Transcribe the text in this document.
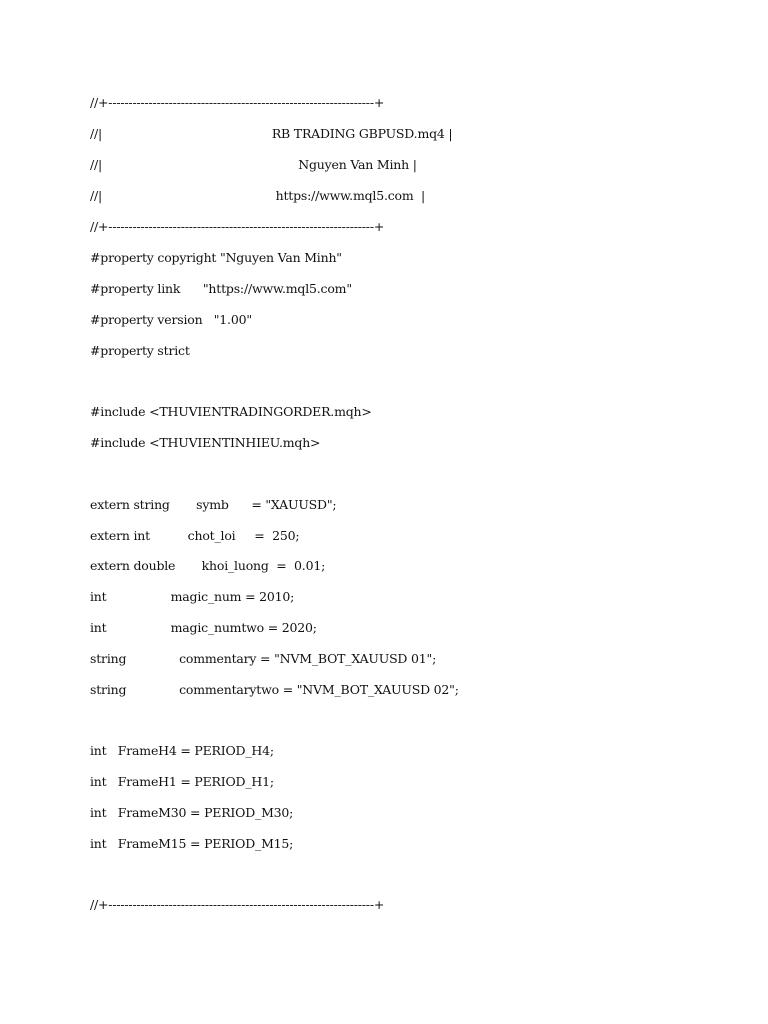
//+------------------------------------------------------------------+
//|                                             RB TRADING GBPUSD.mq4 |
//|                                                    Nguyen Van Minh |
//|                                              https://www.mql5.com  |
//+------------------------------------------------------------------+
#property copyright "Nguyen Van Minh"
#property link      "https://www.mql5.com"
#property version   "1.00"
#property strict
#include <THUVIENTRADINGORDER.mqh>
#include <THUVIENTINHIEU.mqh>
extern string       symb      = "XAUUSD";
extern int          chot_loi     =  250;
extern double       khoi_luong  =  0.01;
int                 magic_num = 2010;
int                 magic_numtwo = 2020;
string              commentary = "NVM_BOT_XAUUSD 01";
string              commentarytwo = "NVM_BOT_XAUUSD 02";
int   FrameH4 = PERIOD_H4;
int   FrameH1 = PERIOD_H1;
int   FrameM30 = PERIOD_M30;
int   FrameM15 = PERIOD_M15;
//+------------------------------------------------------------------+
